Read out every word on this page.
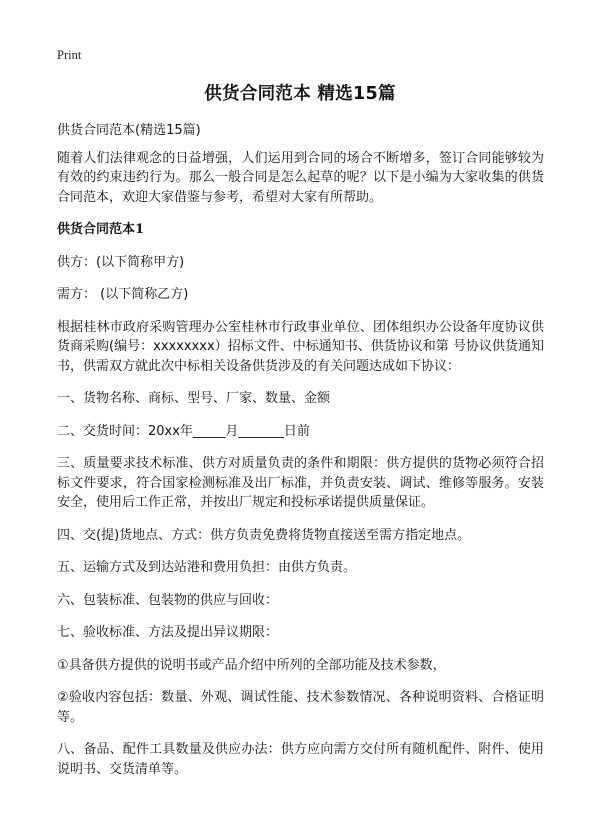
Print
供货合同范本 精选15篇

供货合同范本(精选15篇)

随着人们法律观念的日益增强，人们运用到合同的场合不断增多，签订合同能够较为有效的约束违约行为。那么一般合同是怎么起草的呢？以下是小编为大家收集的供货合同范本，欢迎大家借鉴与参考，希望对大家有所帮助。

供货合同范本1

供方：(以下简称甲方)

需方： (以下简称乙方)

根据桂林市政府采购管理办公室桂林市行政事业单位、团体组织办公设备年度协议供货商采购(编号：xxxxxxxx）招标文件、中标通知书、供货协议和第 号协议供货通知书，供需双方就此次中标相关设备供货涉及的有关问题达成如下协议：

一、货物名称、商标、型号、厂家、数量、金额

二、交货时间：20xx年_____月_______日前

三、质量要求技术标准、供方对质量负责的条件和期限：供方提供的货物必须符合招标文件要求，符合国家检测标准及出厂标准，并负责安装、调试、维修等服务。安装安全，使用后工作正常，并按出厂规定和投标承诺提供质量保证。

四、交(提)货地点、方式：供方负责免费将货物直接送至需方指定地点。

五、运输方式及到达站港和费用负担：由供方负责。

六、包装标准、包装物的供应与回收：

七、验收标准、方法及提出异议期限：

①具备供方提供的说明书或产品介绍中所列的全部功能及技术参数，

②验收内容包括：数量、外观、调试性能、技术参数情况、各种说明资料、合格证明等。

八、备品、配件工具数量及供应办法：供方应向需方交付所有随机配件、附件、使用说明书、交货清单等。
